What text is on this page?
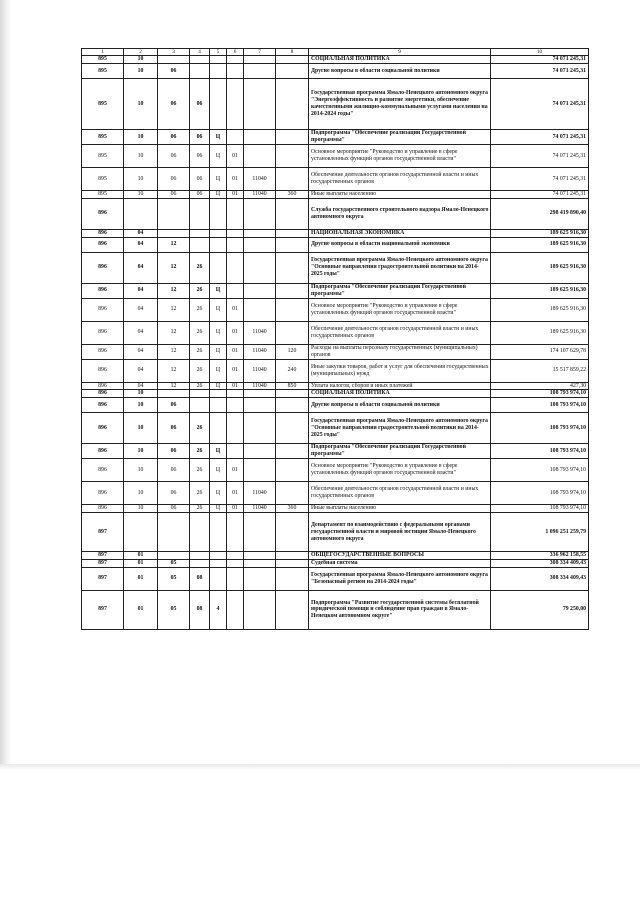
1	2	3	4	5	6	7	8	9	10
895	10							СОЦИАЛЬНАЯ ПОЛИТИКА	74 071 245,31
895	10	06						Другие вопросы в области социальной политики	74 071 245,31
895	10	06	06					Государственная программа Ямало-Ненецкого автономного округа "Энергоэффективность и развитие энергетики, обеспечение качественными жилищно-коммунальными услугами населения на 2014-2024 годы"	74 071 245,31
895	10	06	06	Ц				Подпрограмма "Обеспечение реализации Государственной программы"	74 071 245,31
895	10	06	06	Ц	01			Основное мероприятие "Руководство и управление в сфере установленных функций органов государственной власти"	74 071 245,31
895	10	06	06	Ц	01	11040		Обеспечение деятельности органов государственной власти и иных государственных органов	74 071 245,31
895	10	06	06	Ц	01	11040	360	Иные выплаты населению	74 071 245,31
896								Служба государственного строительного надзора Ямало-Ненецкого автономного округа	298 419 890,40
896	04							НАЦИОНАЛЬНАЯ ЭКОНОМИКА	189 625 916,30
896	04	12						Другие вопросы в области национальной экономики	189 625 916,30
896	04	12	26					Государственная программа Ямало-Ненецкого автономного округа "Основные направления градостроительной политики на 2014-2025 годы"	189 625 916,30
896	04	12	26	Ц				Подпрограмма "Обеспечение реализации Государственной программы"	189 625 916,30
896	04	12	26	Ц	01			Основное мероприятие "Руководство и управление в сфере установленных функций органов государственной власти"	189 625 916,30
896	04	12	26	Ц	01	11040		Обеспечение деятельности органов государственной власти и иных государственных органов	189 625 916,30
896	04	12	26	Ц	01	11040	120	Расходы на выплаты персоналу государственных (муниципальных) органов	174 107 629,78
896	04	12	26	Ц	01	11040	240	Иные закупки товаров, работ и услуг для обеспечения государственных (муниципальных) нужд	15 517 859,22
896	04	12	26	Ц	01	11040	850	Уплата налогов, сборов и иных платежей	427,30
896	10							СОЦИАЛЬНАЯ ПОЛИТИКА	108 793 974,10
896	10	06						Другие вопросы в области социальной политики	108 793 974,10
896	10	06	26					Государственная программа Ямало-Ненецкого автономного округа "Основные направления градостроительной политики на 2014-2025 годы"	108 793 974,10
896	10	06	26	Ц				Подпрограмма "Обеспечение реализации Государственной программы"	108 793 974,10
896	10	06	26	Ц	01			Основное мероприятие "Руководство и управление в сфере установленных функций органов государственной власти"	108 793 974,10
896	10	06	26	Ц	01	11040		Обеспечение деятельности органов государственной власти и иных государственных органов	108 793 974,10
896	10	06	26	Ц	01	11040	360	Иные выплаты населению	108 793 974,10
897								Департамент по взаимодействию с федеральными органами государственной власти и мировой юстиции Ямало-Ненецкого автономного округа	1 096 251 259,79
897	01							ОБЩЕГОСУДАРСТВЕННЫЕ ВОПРОСЫ	336 962 158,55
897	01	05						Судебная система	308 334 409,43
897	01	05	08					Государственная программа Ямало-Ненецкого автономного округа "Безопасный регион на 2014-2024 годы"	308 334 409,43
897	01	05	08	4				Подпрограмма "Развитие государственной системы бесплатной юридической помощи и соблюдение прав граждан в Ямало-Ненецком автономном округе"	79 250,00
